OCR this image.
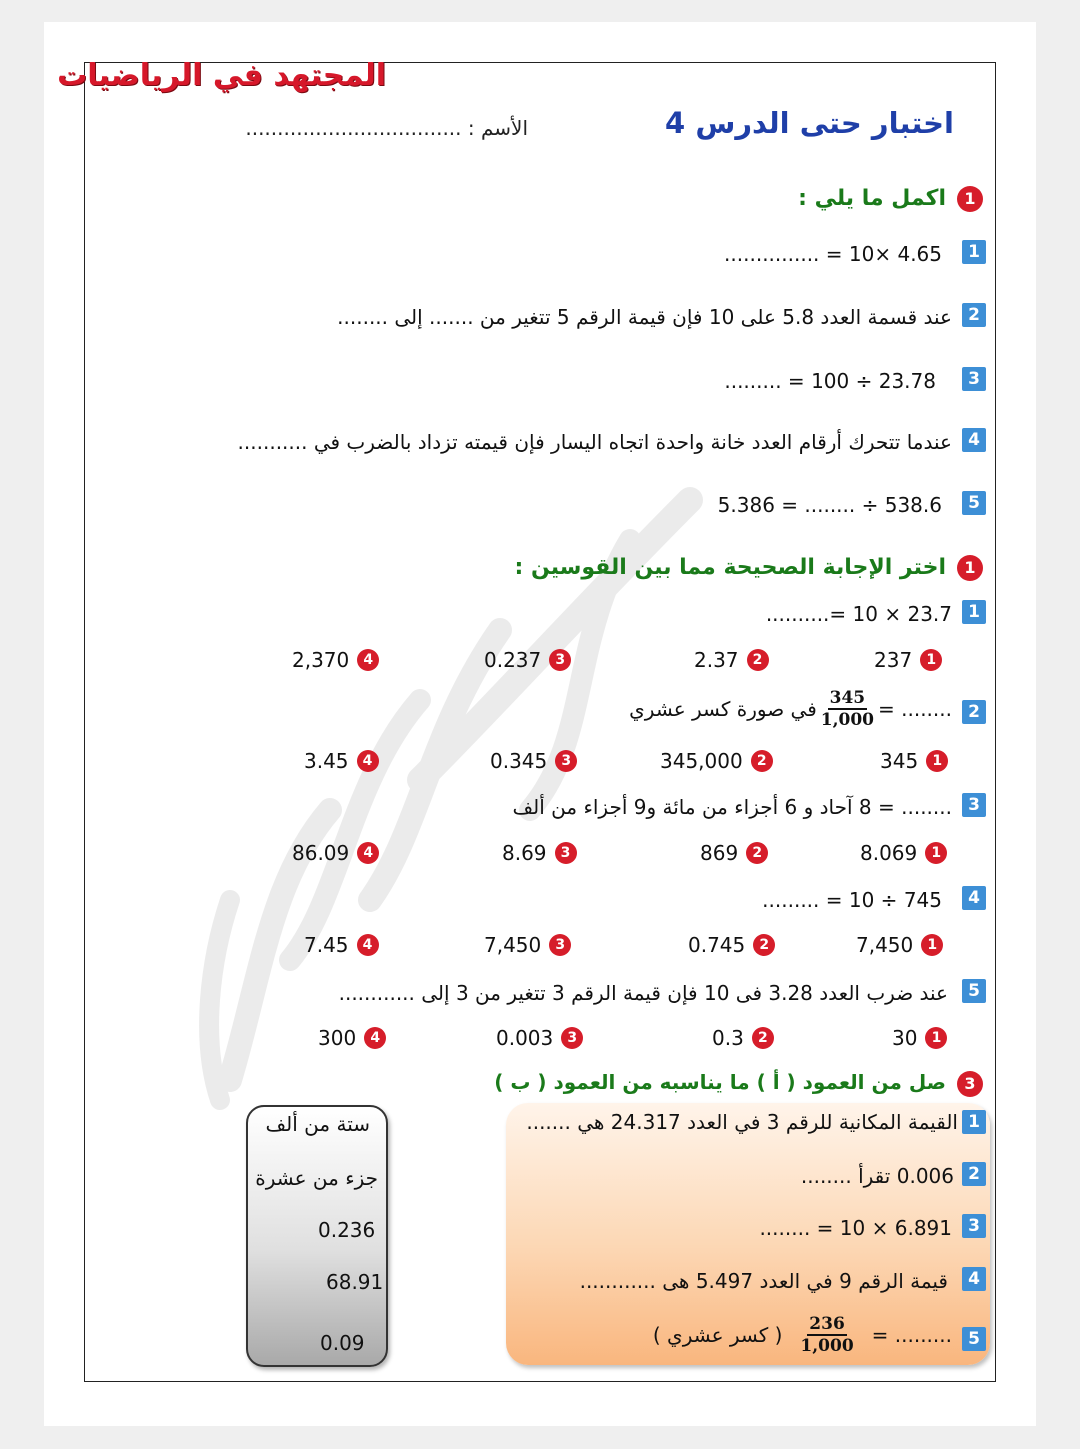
المجتهد في الرياضيات
اختبار حتى الدرس 4
الأسم : ..................................
1
اكمل ما يلي :
1
4.65 ×10 = ...............
2
عند قسمة العدد 5.8 على 10 فإن قيمة الرقم 5 تتغير من ....... إلى ........
3
23.78 ÷ 100 = .........
4
عندما تتحرك أرقام العدد خانة واحدة اتجاه اليسار فإن قيمته تزداد بالضرب في ...........
5
538.6 ÷ ........ = 5.386
1
اختر الإجابة الصحيحة مما بين القوسين :
1
23.7 × 10 =..........
237	1
2.37	2
0.237	3
2,370	4
2
........ =
$\frac{345}{1,000}$
في صورة كسر عشري
345	1
345,000	2
0.345	3
3.45	4
3
........ = 8 آحاد و 6 أجزاء من مائة و9 أجزاء من ألف
8.069	1
869	2
8.69	3
86.09	4
4
745 ÷ 10 = .........
7,450	1
0.745	2
7,450	3
7.45	4
5
عند ضرب العدد 3.28 فى 10 فإن قيمة الرقم 3 تتغير من 3 إلى ............
30	1
0.3	2
0.003	3
300	4
3
صل من العمود ( أ ) ما يناسبه من العمود ( ب )
1
القيمة المكانية للرقم 3 في العدد 24.317 هي .......
2
0.006 تقرأ ........
3
6.891 × 10 = ........
4
قيمة الرقم 9 في العدد 5.497 هى ............
5
......... =
$\frac{236}{1,000}$
( كسر عشري )
ستة من ألف
جزء من عشرة
0.236
68.91
0.09
